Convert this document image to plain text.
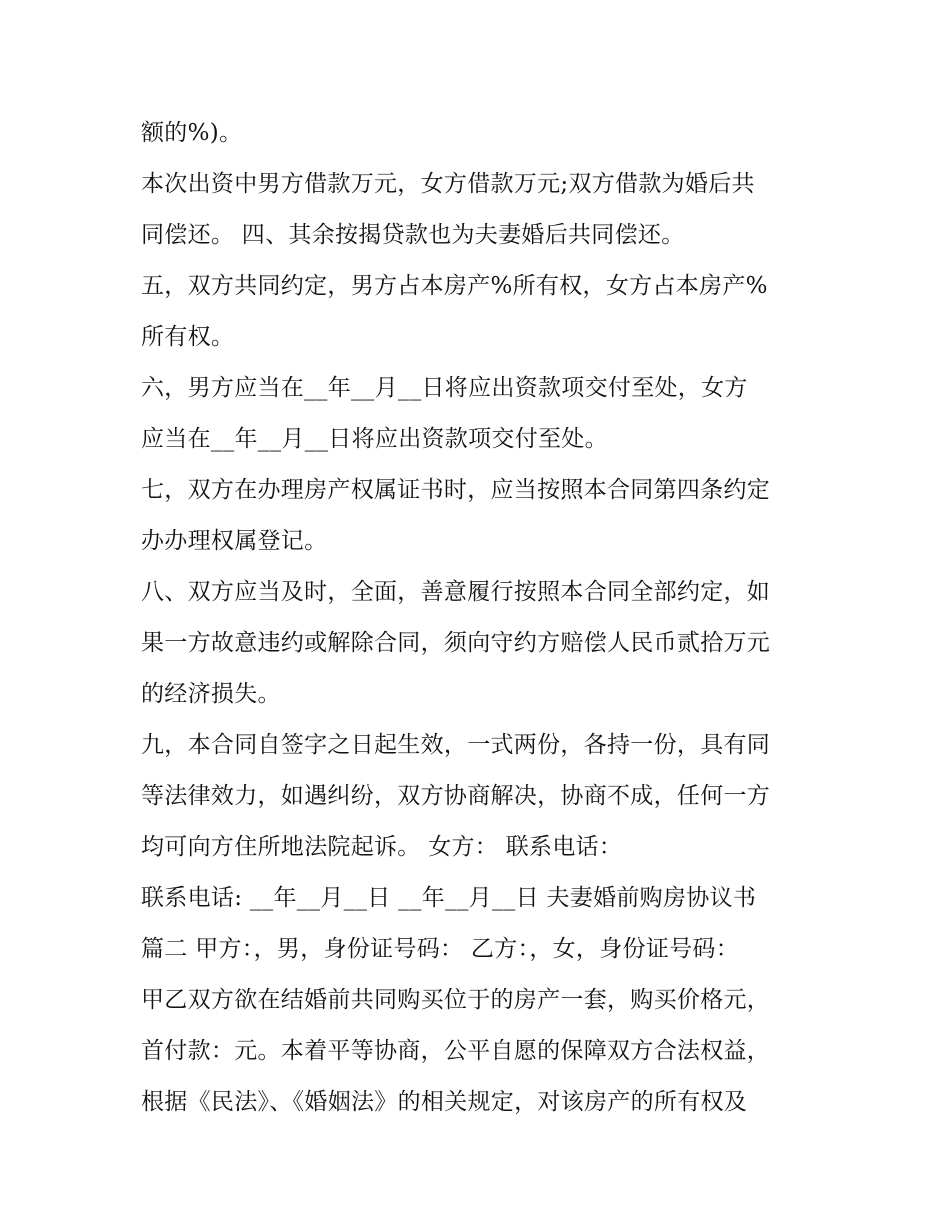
额的%)。
本次出资中男方借款万元，女方借款万元;双方借款为婚后共
同偿还。 四、其余按揭贷款也为夫妻婚后共同偿还。
五，双方共同约定，男方占本房产%所有权，女方占本房产%
所有权。
六，男方应当在__年__月__日将应出资款项交付至处，女方
应当在__年__月__日将应出资款项交付至处。
七，双方在办理房产权属证书时，应当按照本合同第四条约定
办办理权属登记。
八、双方应当及时，全面，善意履行按照本合同全部约定，如
果一方故意违约或解除合同，须向守约方赔偿人民币贰拾万元
的经济损失。
九，本合同自签字之日起生效，一式两份，各持一份，具有同
等法律效力，如遇纠纷，双方协商解决，协商不成，任何一方
均可向方住所地法院起诉。 女方： 联系电话：
联系电话: __年__月__日 __年__月__日 夫妻婚前购房协议书
篇二 甲方：，男，身份证号码： 乙方：，女，身份证号码：
甲乙双方欲在结婚前共同购买位于的房产一套，购买价格元，
首付款：元。本着平等协商，公平自愿的保障双方合法权益，
根据《民法》、《婚姻法》的相关规定，对该房产的所有权及
